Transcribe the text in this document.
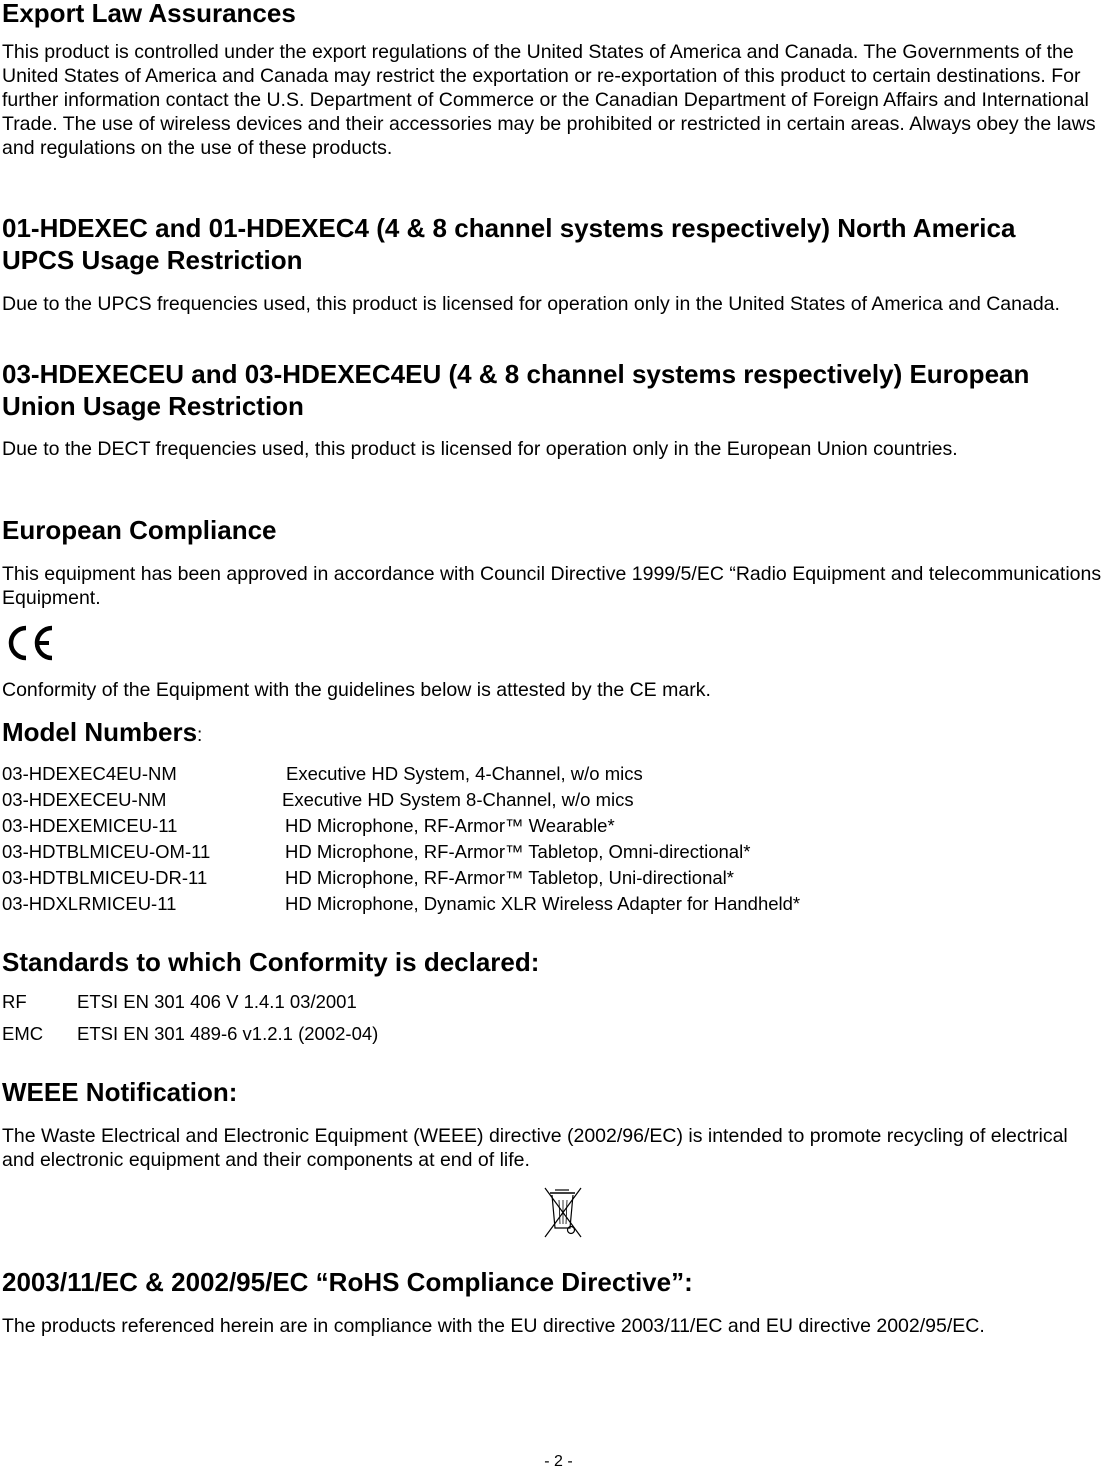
Export Law Assurances

This product is controlled under the export regulations of the United States of America and Canada. The Governments of the United States of America and Canada may restrict the exportation or re-exportation of this product to certain destinations. For further information contact the U.S. Department of Commerce or the Canadian Department of Foreign Affairs and International Trade. The use of wireless devices and their accessories may be prohibited or restricted in certain areas. Always obey the laws and regulations on the use of these products.

01-HDEXEC and 01-HDEXEC4 (4 & 8 channel systems respectively) North America UPCS Usage Restriction

Due to the UPCS frequencies used, this product is licensed for operation only in the United States of America and Canada.

03-HDEXECEU and 03-HDEXEC4EU (4 & 8 channel systems respectively) European Union Usage Restriction

Due to the DECT frequencies used, this product is licensed for operation only in the European Union countries.

European Compliance

This equipment has been approved in accordance with Council Directive 1999/5/EC “Radio Equipment and telecommunications Equipment.

Conformity of the Equipment with the guidelines below is attested by the CE mark.

Model Numbers:
03-HDEXEC4EU-NM	Executive HD System, 4-Channel, w/o mics
03-HDEXECEU-NM	Executive HD System 8-Channel, w/o mics
03-HDEXEMICEU-11	HD Microphone, RF-Armor™ Wearable*
03-HDTBLMICEU-OM-11	HD Microphone, RF-Armor™ Tabletop, Omni-directional*
03-HDTBLMICEU-DR-11	HD Microphone, RF-Armor™ Tabletop, Uni-directional*
03-HDXLRMICEU-11	HD Microphone, Dynamic XLR Wireless Adapter for Handheld*
Standards to which Conformity is declared:
RF	ETSI EN 301 406 V 1.4.1 03/2001
EMC ETSI EN 301 489-6 v1.2.1 (2002-04)
WEEE Notification:

The Waste Electrical and Electronic Equipment (WEEE) directive (2002/96/EC) is intended to promote recycling of electrical and electronic equipment and their components at end of life.

2003/11/EC & 2002/95/EC “RoHS Compliance Directive”:

The products referenced herein are in compliance with the EU directive 2003/11/EC and EU directive 2002/95/EC.

- 2 -
